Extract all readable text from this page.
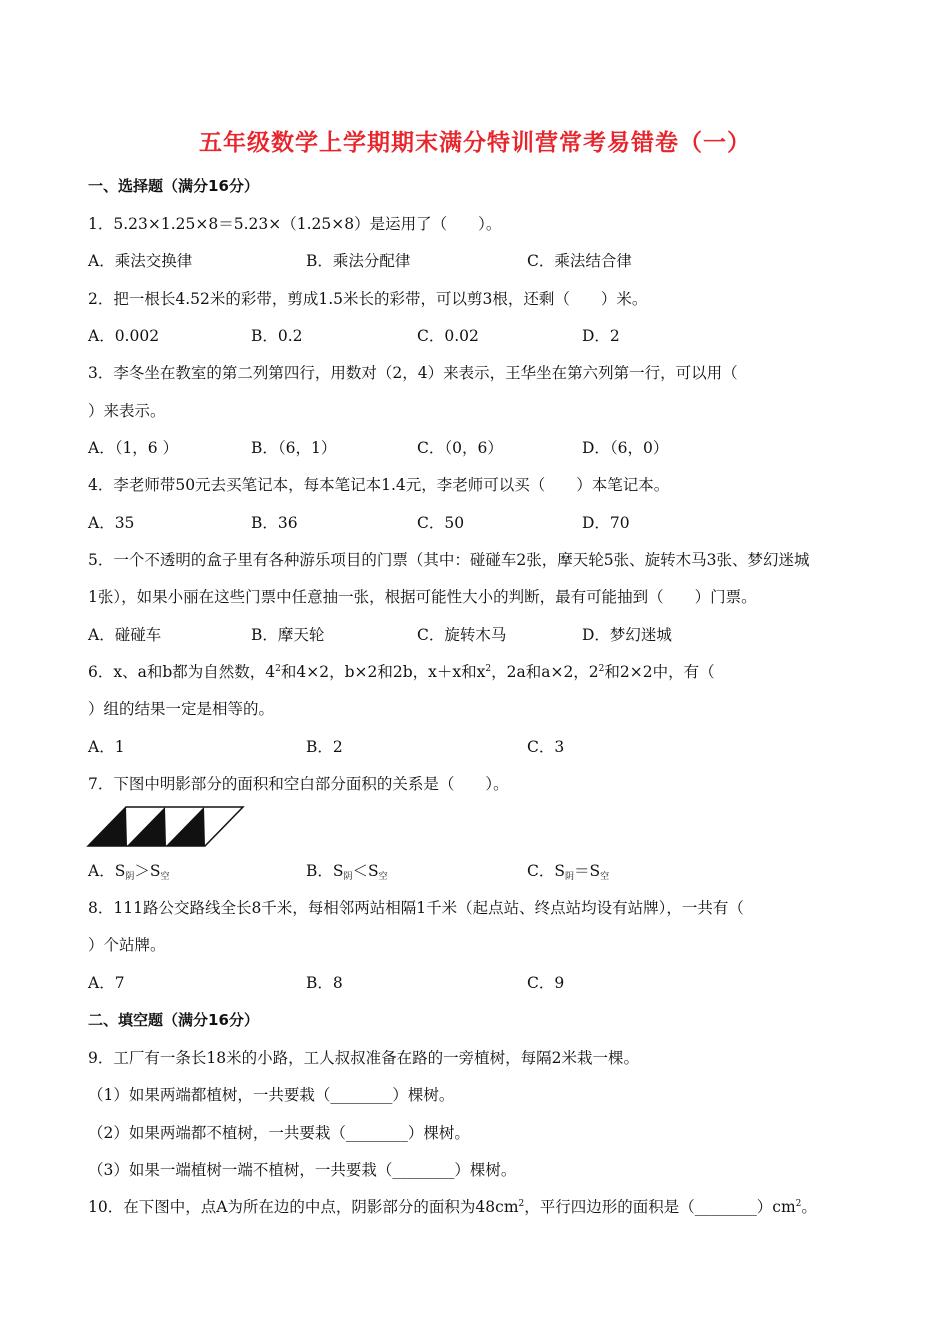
五年级数学上学期期末满分特训营常考易错卷（一）
一、选择题（满分16分）
1．5.23×1.25×8＝5.23×（1.25×8）是运用了（　　）。
A．乘法交换律	B．乘法分配律	C．乘法结合律
2．把一根长4.52米的彩带，剪成1.5米长的彩带，可以剪3根，还剩（　　）米。
A．0.002	B．0.2	C．0.02	D．2
3．李冬坐在教室的第二列第四行，用数对（2，4）来表示，王华坐在第六列第一行，可以用（
）来表示。
A．（1，6 ）	B．（6，1）	C．（0，6）	D．（6，0）
4．李老师带50元去买笔记本，每本笔记本1.4元，李老师可以买（　　）本笔记本。
A．35	B．36	C．50	D．70
5．一个不透明的盒子里有各种游乐项目的门票（其中：碰碰车2张，摩天轮5张、旋转木马3张、梦幻迷城
1张），如果小丽在这些门票中任意抽一张，根据可能性大小的判断，最有可能抽到（　　）门票。
A．碰碰车	B．摩天轮	C．旋转木马	D．梦幻迷城
6．x、a和b都为自然数，$4^2$和4×2，b×2和2b，x＋x和$x^2$，2a和a×2，$2^2$和2×2中，有（
）组的结果一定是相等的。
A．1	B．2	C．3
7．下图中明影部分的面积和空白部分面积的关系是（　　）。
A．$S_阴>S_空$	B．$S_阴<S_空$	C．$S_阴=S_空$
8．111路公交路线全长8千米，每相邻两站相隔1千米（起点站、终点站均设有站牌），一共有（
）个站牌。
A．7	B．8	C．9
二、填空题（满分16分）
9．工厂有一条长18米的小路，工人叔叔准备在路的一旁植树，每隔2米栽一棵。
（1）如果两端都植树，一共要栽（________）棵树。
（2）如果两端都不植树，一共要栽（________）棵树。
（3）如果一端植树一端不植树，一共要栽（________）棵树。
10．在下图中，点A为所在边的中点，阴影部分的面积为$48cm^2$，平行四边形的面积是$(\_\_\_\_\_\_\_\_)cm^2$。
